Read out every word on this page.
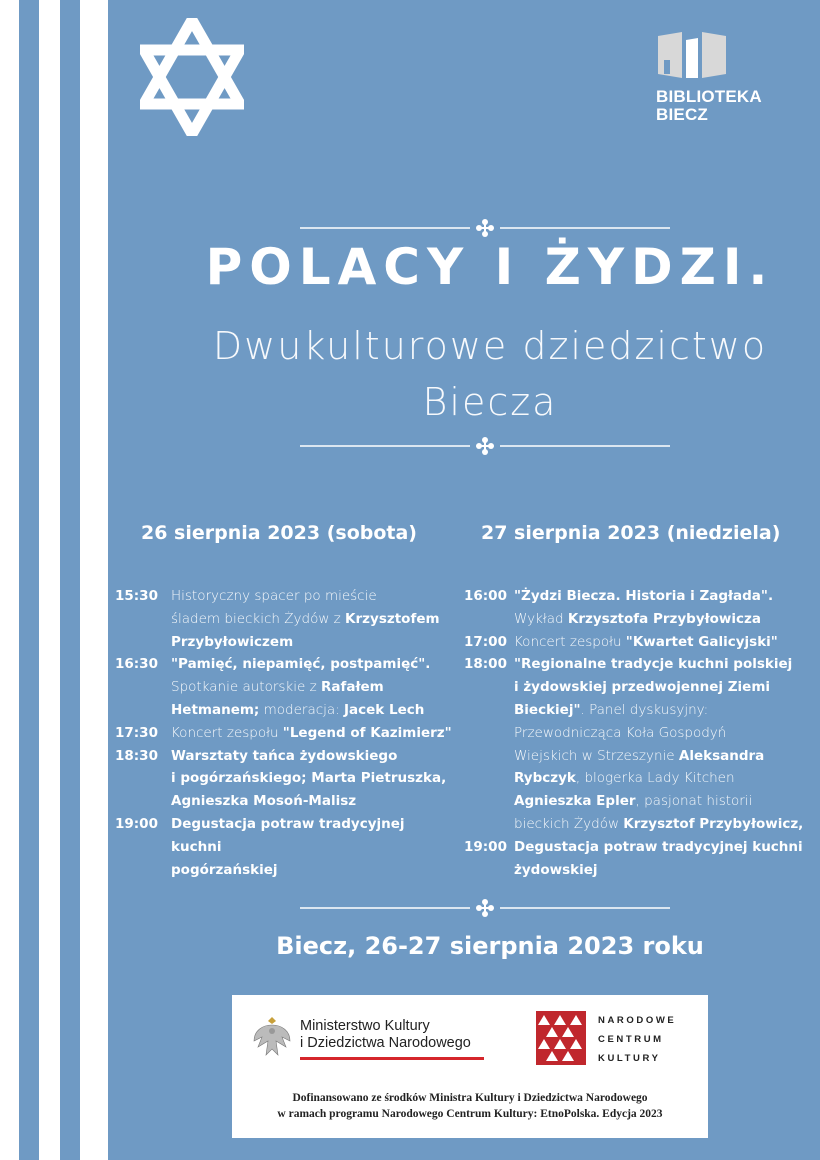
BIBLIOTEKA
BIECZ
POLACY I ŻYDZI.
Dwukulturowe dziedzictwo
Biecza
26 sierpnia 2023 (sobota)	27 sierpnia 2023 (niedziela)
15:30 Historyczny spacer po mieście
śladem bieckich Żydów z Krzysztofem
Przybyłowiczem
16:30 "Pamięć, niepamięć, postpamięć".
Spotkanie autorskie z Rafałem
Hetmanem; moderacja: Jacek Lech
17:30 Koncert zespołu "Legend of Kazimierz"
18:30 Warsztaty tańca żydowskiego
i pogórzańskiego; Marta Pietruszka,
Agnieszka Mosoń-Malisz
19:00 Degustacja potraw tradycyjnej kuchni
pogórzańskiej
16:00 "Żydzi Biecza. Historia i Zagłada".
Wykład Krzysztofa Przybyłowicza
17:00 Koncert zespołu "Kwartet Galicyjski"
18:00 "Regionalne tradycje kuchni polskiej
i żydowskiej przedwojennej Ziemi
Bieckiej". Panel dyskusyjny:
Przewodnicząca Koła Gospodyń
Wiejskich w Strzeszynie Aleksandra
Rybczyk, blogerka Lady Kitchen
Agnieszka Epler, pasjonat historii
bieckich Żydów Krzysztof Przybyłowicz,
19:00 Degustacja potraw tradycyjnej kuchni
żydowskiej
Biecz, 26-27 sierpnia 2023 roku
Ministerstwo Kultury
i Dziedzictwa Narodowego
NARODOWE
CENTRUM
KULTURY
Dofinansowano ze środków Ministra Kultury i Dziedzictwa Narodowego
w ramach programu Narodowego Centrum Kultury: EtnoPolska. Edycja 2023
